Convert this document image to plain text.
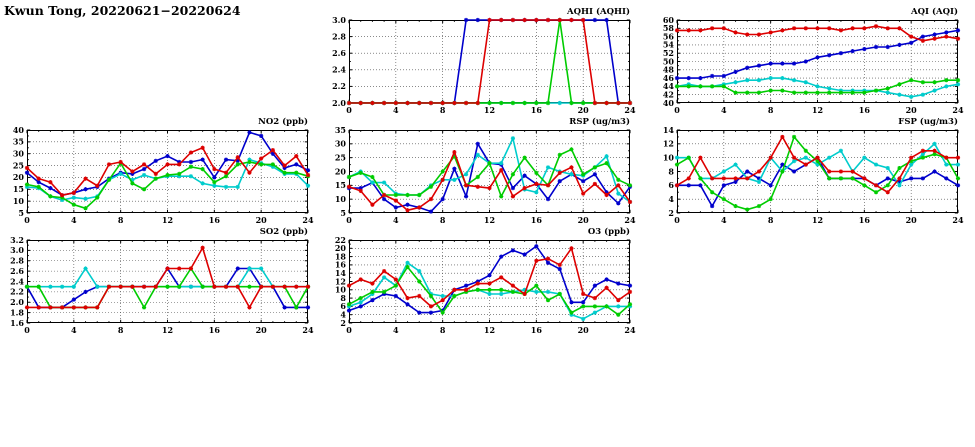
Kwun Tong, 20220621−20220624	AQHI (AQHI)
2.0
2.2
2.4
2.6
2.8
3.0
0	4	8	12	16	20	24
AQI (AQI)
40
42
44
46
48
50
52
54
56
58
60
0	4	8	12	16	20	24
NO2 (ppb)
5
10
15
20
25
30
35
40
0	4	8	12	16	20	24
RSP (ug/m3)
5
10
15
20
25
30
35
0	4	8	12	16	20	24
FSP (ug/m3)
2
4
6
8
10
12
14
0	4	8	12	16	20	24
SO2 (ppb)
1.6
1.8
2.0
2.2
2.4
2.6
2.8
3.0
3.2
0	4	8	12	16	20	24
O3 (ppb)
2
4
6
8
10
12
14
16
18
20
22
0	4	8	12	16	20	24
